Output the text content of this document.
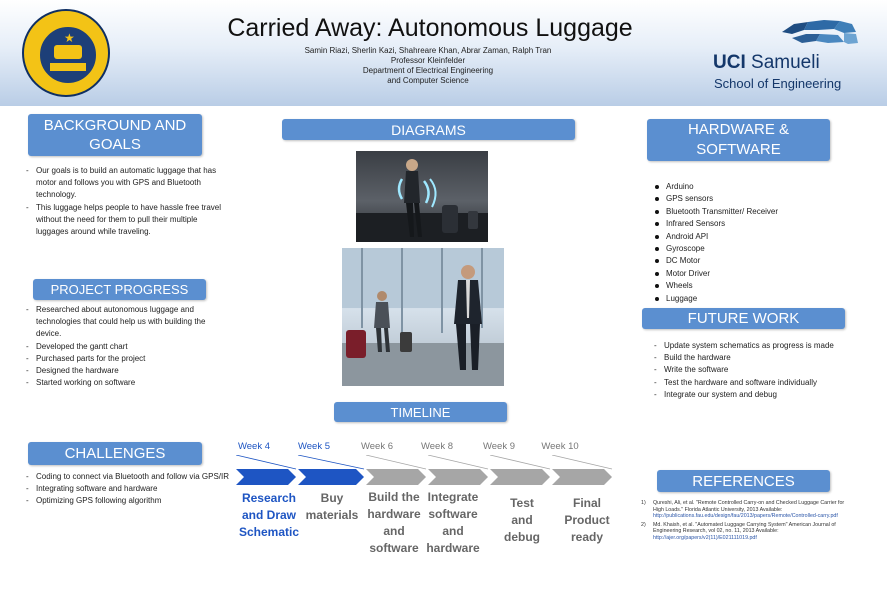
★	Carried Away: Autonomous Luggage
Samin Riazi, Sherlin Kazi, Shahreare Khan, Abrar Zaman, Ralph Tran
Professor Kleinfelder
Department of Electrical Engineering
and Computer Science
UCI Samueli
School of Engineering
BACKGROUND AND
GOALS
- Our goals is to build an automatic luggage that has motor and follows you with GPS and Bluetooth technology.
- This luggage helps people to have hassle free travel without the need for them to pull their multiple luggages around while traveling.
PROJECT PROGRESS
- Researched about autonomous luggage and technologies that could help us with building the device.
- Developed the gantt chart
- Purchased parts for the project
- Designed the hardware
- Started working on software
CHALLENGES
- Coding to connect via Bluetooth and follow via GPS/IR
- Integrating software and hardware
- Optimizing GPS following algorithm
DIAGRAMS
TIMELINE
Week 4	Week 5	Week 6	Week 8	Week 9	Week 10
Research
and Draw
Schematic
Buy
materials
Build the
hardware
and
software
Integrate
software
and
hardware
Test
and
debug
Final
Product
ready
HARDWARE &
SOFTWARE
Arduino
GPS sensors
Bluetooth Transmitter/ Receiver
Infrared Sensors
Android API
Gyroscope
DC Motor
Motor Driver
Wheels
Luggage
FUTURE WORK
- Update system schematics as progress is made
- Build the hardware
- Write the software
- Test the hardware and software individually
- Integrate our system and debug
REFERENCES
1) Qureshi, Ali, et al. "Remote Controlled Carry-on and Checked Luggage Carrier for High Loads." Florida Atlantic University, 2013 Available: http://publications.fau.edu/design/fau/2013/papers/Remote/Controlled-carry.pdf
2) Md. Khaish, et al. "Automated Luggage Carrying System" American Journal of Engineering Research, vol 02, no. 11, 2013 Available: http://ajer.org/papers/v2(11)/E021111019.pdf
